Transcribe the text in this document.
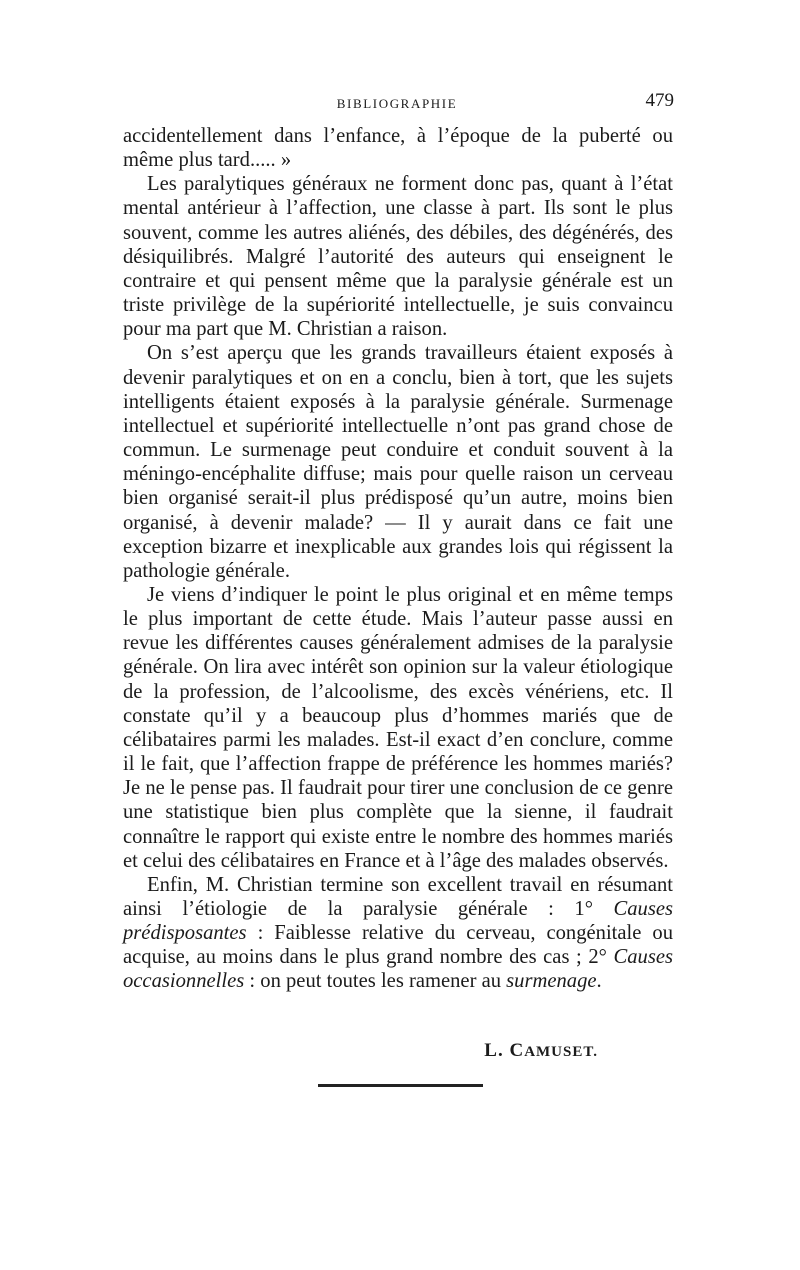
BIBLIOGRAPHIE	479

accidentellement dans l’enfance, à l’époque de la puberté ou même plus tard..... »

Les paralytiques généraux ne forment donc pas, quant à l’état mental antérieur à l’affection, une classe à part. Ils sont le plus souvent, comme les autres aliénés, des débiles, des dégénérés, des désiquilibrés. Malgré l’autorité des auteurs qui enseignent le contraire et qui pensent même que la paralysie générale est un triste privilège de la supériorité intellectuelle, je suis convaincu pour ma part que M. Christian a raison.

On s’est aperçu que les grands travailleurs étaient exposés à devenir paralytiques et on en a conclu, bien à tort, que les sujets intelligents étaient exposés à la paralysie générale. Surmenage intellectuel et supériorité intellectuelle n’ont pas grand chose de commun. Le surmenage peut conduire et conduit souvent à la méningo-encéphalite diffuse; mais pour quelle raison un cerveau bien organisé serait-il plus prédisposé qu’un autre, moins bien organisé, à devenir malade? — Il y aurait dans ce fait une exception bizarre et inexplicable aux grandes lois qui régissent la pathologie générale.

Je viens d’indiquer le point le plus original et en même temps le plus important de cette étude. Mais l’auteur passe aussi en revue les différentes causes généralement admises de la paralysie générale. On lira avec intérêt son opinion sur la valeur étiologique de la profession, de l’alcoolisme, des excès vénériens, etc. Il constate qu’il y a beaucoup plus d’hommes mariés que de célibataires parmi les malades. Est-il exact d’en conclure, comme il le fait, que l’affection frappe de préférence les hommes mariés? Je ne le pense pas. Il faudrait pour tirer une conclusion de ce genre une statistique bien plus complète que la sienne, il faudrait connaître le rapport qui existe entre le nombre des hommes mariés et celui des célibataires en France et à l’âge des malades observés.

Enfin, M. Christian termine son excellent travail en résumant ainsi l’étiologie de la paralysie générale : 1° Causes prédisposantes : Faiblesse relative du cerveau, congénitale ou acquise, au moins dans le plus grand nombre des cas ; 2° Causes occasionnelles : on peut toutes les ramener au surmenage.

L. CAMUSET.
